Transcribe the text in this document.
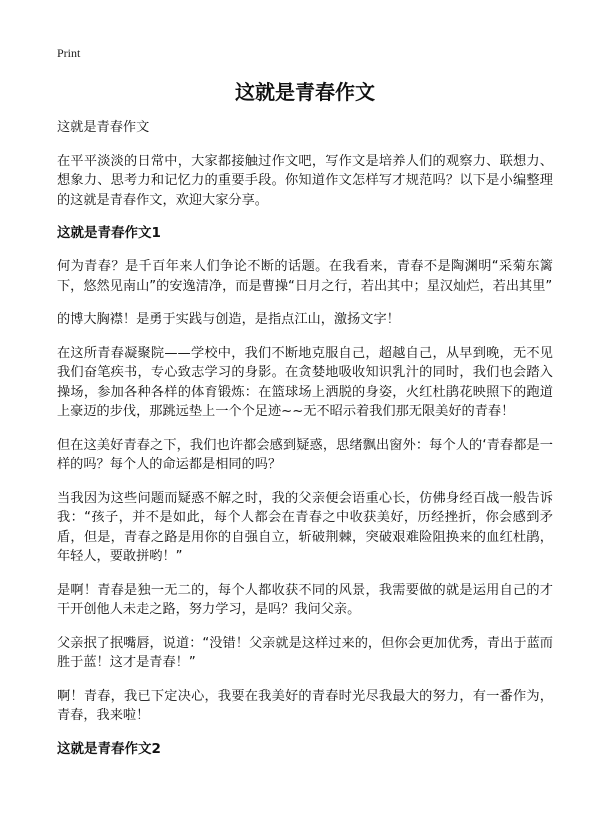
Print
这就是青春作文

这就是青春作文

在平平淡淡的日常中，大家都接触过作文吧，写作文是培养人们的观察力、联想力、想象力、思考力和记忆力的重要手段。你知道作文怎样写才规范吗？以下是小编整理的这就是青春作文，欢迎大家分享。

这就是青春作文1

何为青春？是千百年来人们争论不断的话题。在我看来，青春不是陶渊明“采菊东篱下，悠然见南山”的安逸清净，而是曹操“日月之行，若出其中；星汉灿烂，若出其里”

的博大胸襟！是勇于实践与创造，是指点江山，激扬文字！

在这所青春凝聚院——学校中，我们不断地克服自己，超越自己，从早到晚，无不见我们奋笔疾书，专心致志学习的身影。在贪婪地吸收知识乳汁的同时，我们也会踏入操场，参加各种各样的体育锻炼：在篮球场上洒脱的身姿，火红杜鹃花映照下的跑道上豪迈的步伐，那跳远垫上一个个足迹~~无不昭示着我们那无限美好的青春！

但在这美好青春之下，我们也许都会感到疑惑，思绪飘出窗外：每个人的‘青春都是一样的吗？每个人的命运都是相同的吗？

当我因为这些问题而疑惑不解之时，我的父亲便会语重心长，仿佛身经百战一般告诉我：“孩子，并不是如此，每个人都会在青春之中收获美好，历经挫折，你会感到矛盾，但是，青春之路是用你的自强自立，斩破荆棘，突破艰难险阻换来的血红杜鹃，年轻人，要敢拼哟！”

是啊！青春是独一无二的，每个人都收获不同的风景，我需要做的就是运用自己的才干开创他人未走之路，努力学习，是吗？我问父亲。

父亲抿了抿嘴唇，说道：“没错！父亲就是这样过来的，但你会更加优秀，青出于蓝而胜于蓝！这才是青春！”

啊！青春，我已下定决心，我要在我美好的青春时光尽我最大的努力，有一番作为，青春，我来啦！

这就是青春作文2
